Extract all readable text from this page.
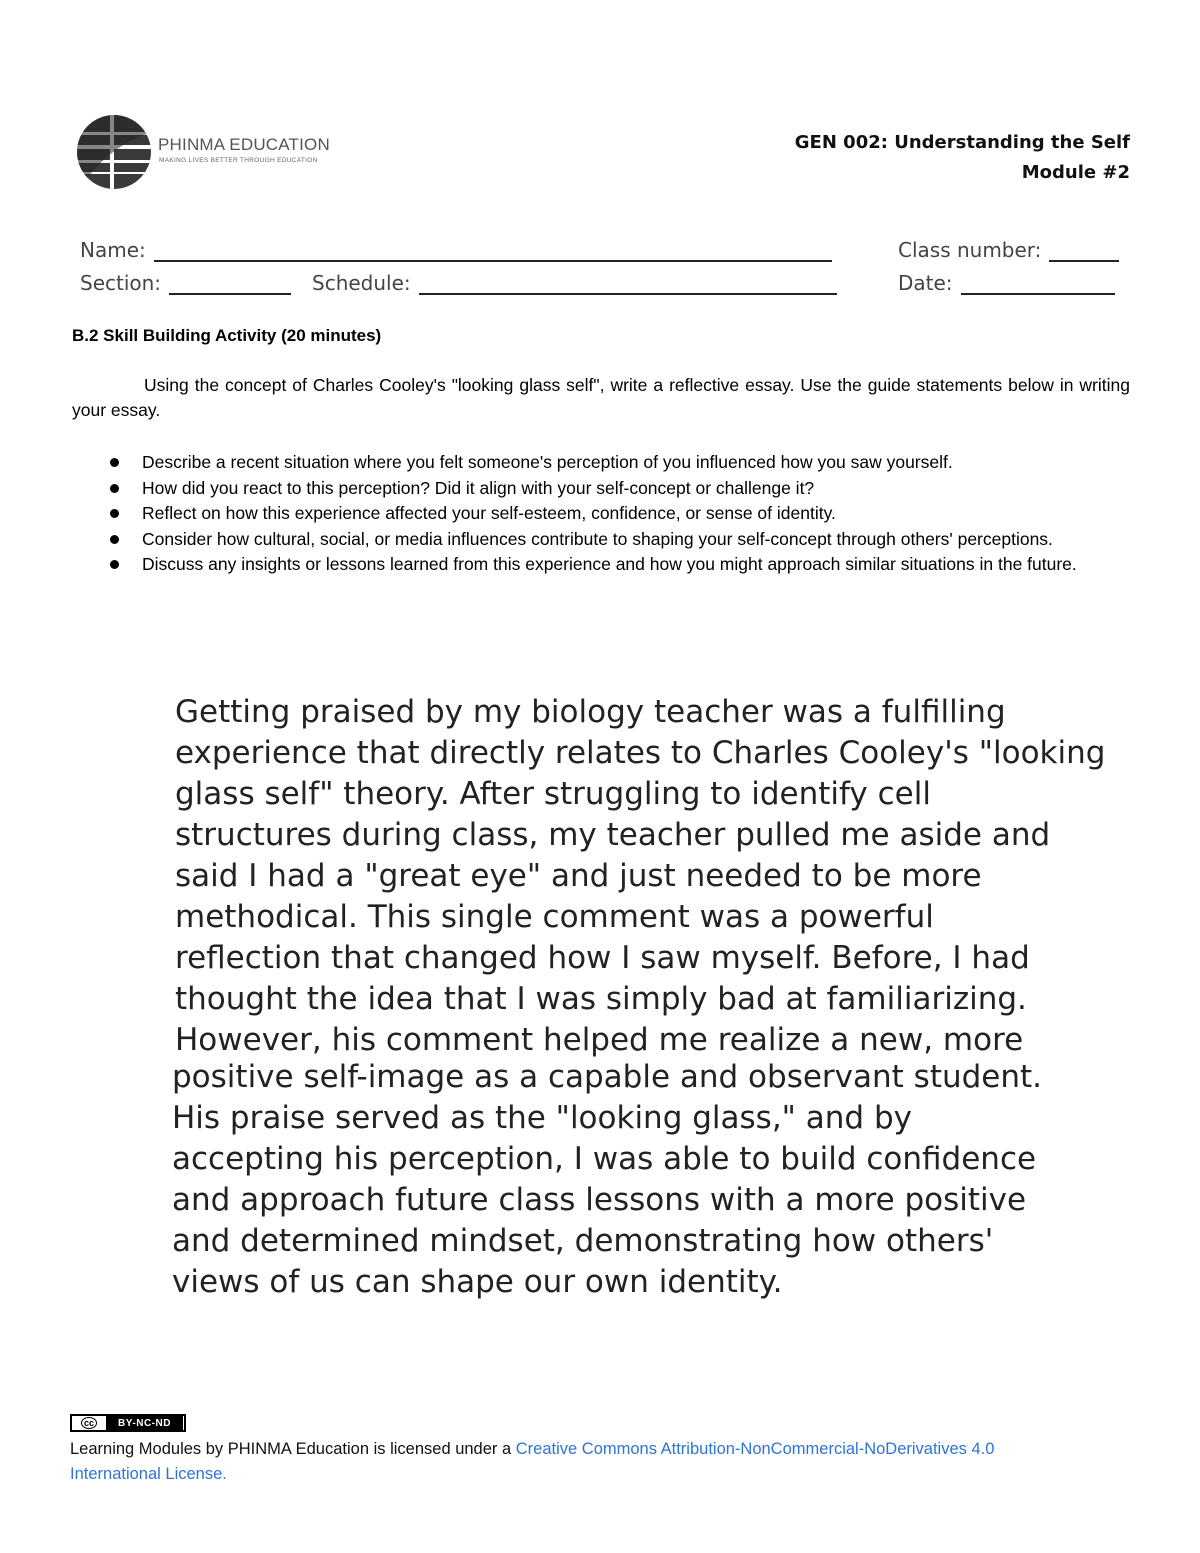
PHINMA EDUCATION
MAKING LIVES BETTER THROUGH EDUCATION
GEN 002: Understanding the Self
Module #2
Name:	Class number:
Section:	Schedule:	Date:
B.2 Skill Building Activity (20 minutes)
Using the concept of Charles Cooley's "looking glass self", write a reflective essay. Use the guide statements below in writing your essay.
Describe a recent situation where you felt someone's perception of you influenced how you saw yourself.
How did you react to this perception? Did it align with your self-concept or challenge it?
Reflect on how this experience affected your self-esteem, confidence, or sense of identity.
Consider how cultural, social, or media influences contribute to shaping your self-concept through others' perceptions.
Discuss any insights or lessons learned from this experience and how you might approach similar situations in the future.
Getting praised by my biology teacher was a fulfilling
experience that directly relates to Charles Cooley's "looking
glass self" theory. After struggling to identify cell
structures during class, my teacher pulled me aside and
said I had a "great eye" and just needed to be more
methodical. This single comment was a powerful
reflection that changed how I saw myself. Before, I had
thought the idea that I was simply bad at familiarizing.
However, his comment helped me realize a new, more
positive self-image as a capable and observant student.
His praise served as the "looking glass," and by
accepting his perception, I was able to build confidence
and approach future class lessons with a more positive
and determined mindset, demonstrating how others'
views of us can shape our own identity.
cc	BY-NC-ND
Learning Modules by PHINMA Education is licensed under a Creative Commons Attribution-NonCommercial-NoDerivatives 4.0 International License.
